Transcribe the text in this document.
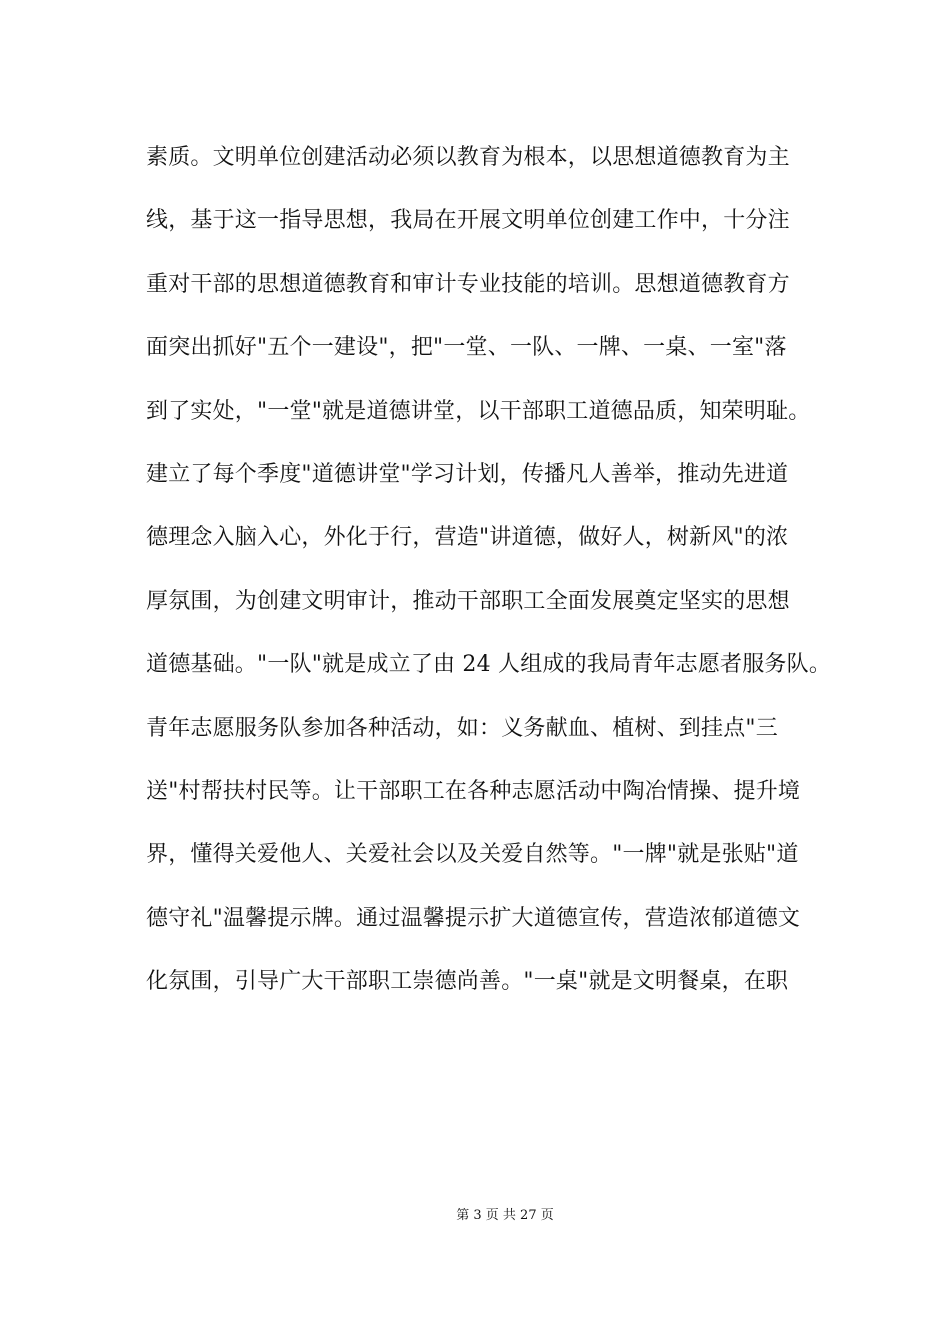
素质。文明单位创建活动必须以教育为根本，以思想道德教育为主
线，基于这一指导思想，我局在开展文明单位创建工作中，十分注
重对干部的思想道德教育和审计专业技能的培训。思想道德教育方
面突出抓好"五个一建设"，把"一堂、一队、一牌、一桌、一室"落
到了实处，"一堂"就是道德讲堂，以干部职工道德品质，知荣明耻。
建立了每个季度"道德讲堂"学习计划，传播凡人善举，推动先进道
德理念入脑入心，外化于行，营造"讲道德，做好人，树新风"的浓
厚氛围，为创建文明审计，推动干部职工全面发展奠定坚实的思想
道德基础。"一队"就是成立了由 24 人组成的我局青年志愿者服务队。
青年志愿服务队参加各种活动，如：义务献血、植树、到挂点"三
送"村帮扶村民等。让干部职工在各种志愿活动中陶冶情操、提升境
界，懂得关爱他人、关爱社会以及关爱自然等。"一牌"就是张贴"道
德守礼"温馨提示牌。通过温馨提示扩大道德宣传，营造浓郁道德文
化氛围，引导广大干部职工崇德尚善。"一桌"就是文明餐桌，在职
第 3 页 共 27 页
